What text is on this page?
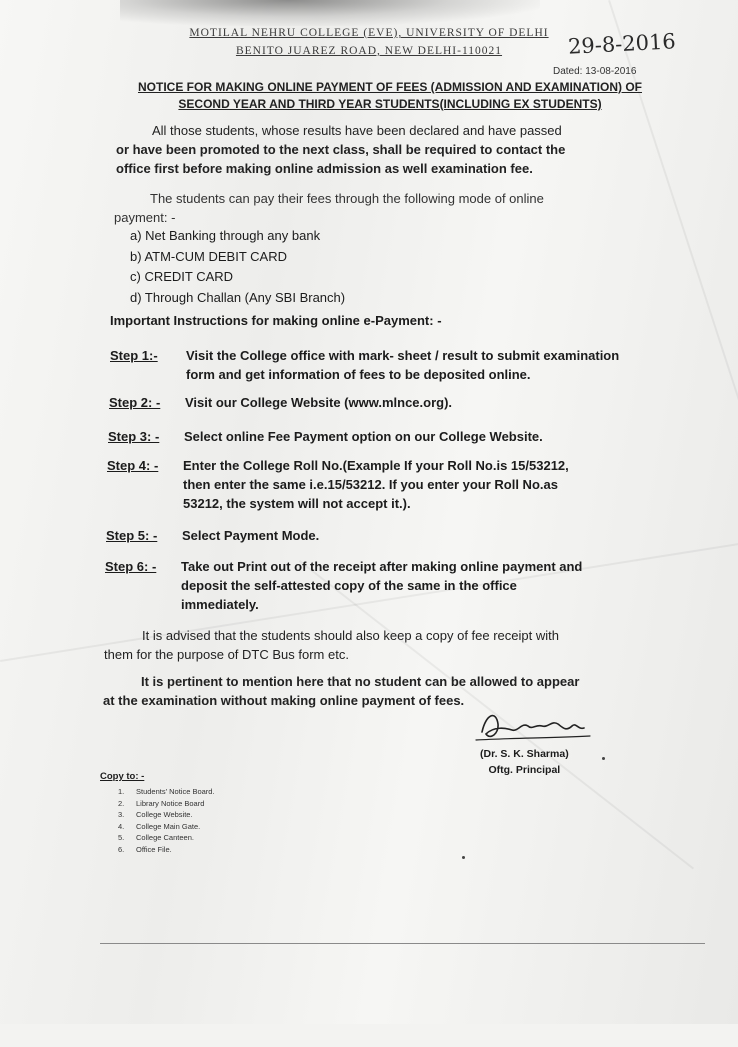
MOTILAL NEHRU COLLEGE (EVE), UNIVERSITY OF DELHI
BENITO JUAREZ ROAD, NEW DELHI-110021	29-8-2016
Dated: 13-08-2016
NOTICE FOR MAKING ONLINE PAYMENT OF FEES (ADMISSION AND EXAMINATION) OF
SECOND YEAR AND THIRD YEAR STUDENTS(INCLUDING EX STUDENTS)
All those students, whose results have been declared and have passed
or have been promoted to the next class, shall be required to contact the
office first before making online admission as well examination fee.
The students can pay their fees through the following mode of online
payment: -
a) Net Banking through any bank
b) ATM-CUM DEBIT CARD
c) CREDIT CARD
d) Through Challan (Any SBI Branch)
Important Instructions for making online e-Payment: -
Step 1:- Visit the College office with mark- sheet / result to submit examination
form and get information of fees to be deposited online.
Step 2: - Visit our College Website (www.mlnce.org).
Step 3: - Select online Fee Payment option on our College Website.
Step 4: - Enter the College Roll No.(Example If your Roll No.is 15/53212,
then enter the same i.e.15/53212. If you enter your Roll No.as
53212, the system will not accept it.).
Step 5: - Select Payment Mode.
Step 6: - Take out Print out of the receipt after making online payment and
deposit the self-attested copy of the same in the office
immediately.
It is advised that the students should also keep a copy of fee receipt with
them for the purpose of DTC Bus form etc.
It is pertinent to mention here that no student can be allowed to appear
at the examination without making online payment of fees.
(Dr. S. K. Sharma)
Oftg. Principal
Copy to: -
1. Students' Notice Board.
2. Library Notice Board
3. College Website.
4. College Main Gate.
5. College Canteen.
6. Office File.
